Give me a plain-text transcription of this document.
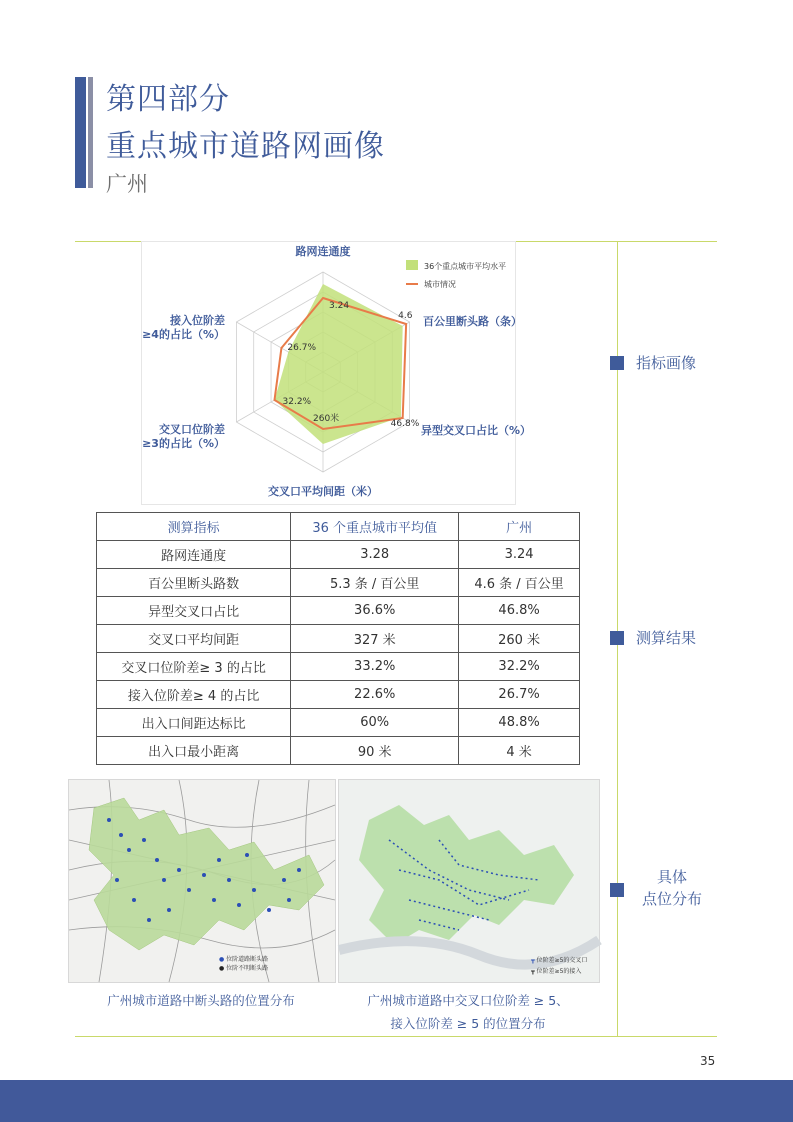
第四部分
重点城市道路网画像
广州
指标画像
测算结果
具体
点位分布
3.24
4.6
46.8%
260米
32.2%
26.7%
路网连通度
百公里断头路（条）
异型交叉口占比（%）
交叉口平均间距（米）
交叉口位阶差
≥3的占比（%）
接入位阶差
≥4的占比（%）
36个重点城市平均水平
城市情况
测算指标	36 个重点城市平均值	广州
路网连通度	3.28	3.24
百公里断头路数	5.3 条 / 百公里	4.6 条 / 百公里
异型交叉口占比	36.6%	46.8%
交叉口平均间距	327 米	260 米
交叉口位阶差≥ 3 的占比	33.2%	32.2%
接入位阶差≥ 4 的占比	22.6%	26.7%
出入口间距达标比	60%	48.8%
出入口最小距离	90 米	4 米
● 位阶道路断头路
● 位阶不明断头路
┳ 位阶差≥5的交叉口
┳ 位阶差≥5的接入
广州城市道路中断头路的位置分布	广州城市道路中交叉口位阶差 ≥ 5、
接入位阶差 ≥ 5 的位置分布
35
